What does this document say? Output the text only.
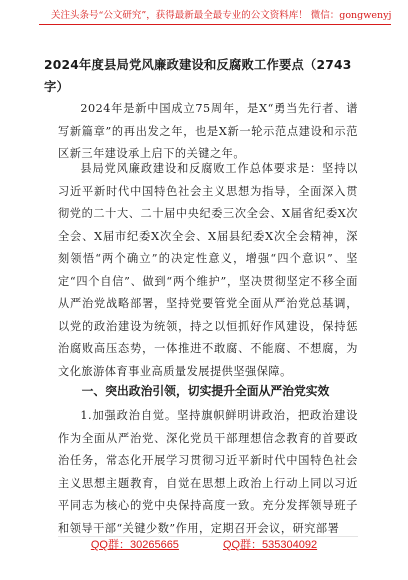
关注头条号“公文研究”，获得最新最全最专业的公文资料库！ 微信：gongwenyj
2024年度县局党风廉政建设和反腐败工作要点（2743字）
2024年是新中国成立75周年，是X“勇当先行者、谱写新篇章”的再出发之年，也是X新一轮示范点建设和示范区新三年建设承上启下的关键之年。
县局党风廉政建设和反腐败工作总体要求是：坚持以习近平新时代中国特色社会主义思想为指导，全面深入贯彻党的二十大、二十届中央纪委三次全会、X届省纪委X次全会、X届市纪委X次全会、X届县纪委X次全会精神，深刻领悟“两个确立”的决定性意义，增强“四个意识”、坚定“四个自信”、做到“两个维护”，坚决贯彻坚定不移全面从严治党战略部署，坚持党要管党全面从严治党总基调，以党的政治建设为统领，持之以恒抓好作风建设，保持惩治腐败高压态势，一体推进不敢腐、不能腐、不想腐，为文化旅游体育事业高质量发展提供坚强保障。
一、突出政治引领，切实提升全面从严治党实效
1.加强政治自觉。坚持旗帜鲜明讲政治，把政治建设作为全面从严治党、深化党员干部理想信念教育的首要政治任务，常态化开展学习贯彻习近平新时代中国特色社会主义思想主题教育，自觉在思想上政治上行动上同以习近平同志为核心的党中央保持高度一致。充分发挥领导班子和领导干部“关键少数”作用，定期召开会议，研究部署
QQ群：30265665	QQ群：535304092
